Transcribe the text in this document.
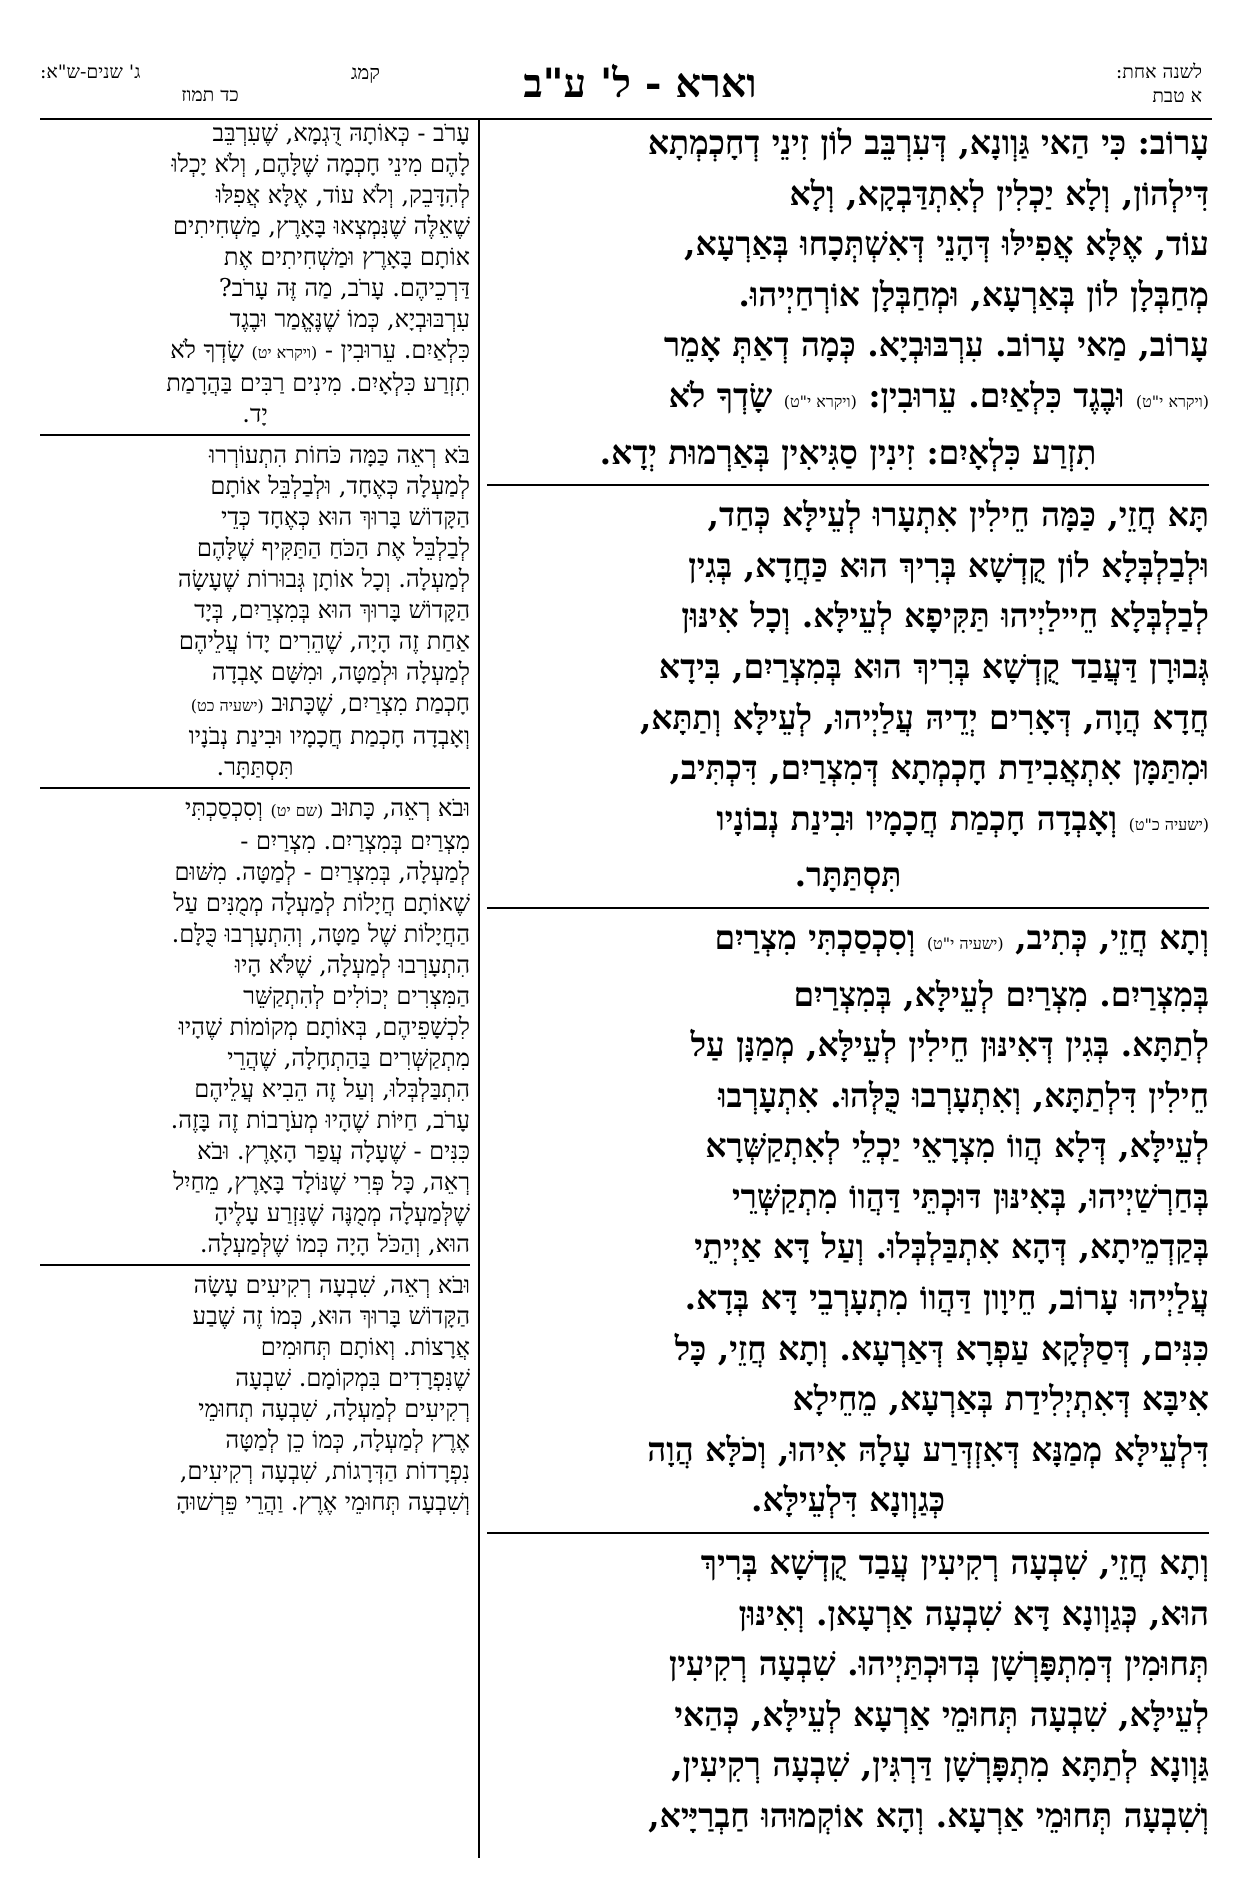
קמג
ג' שנים-ש"א:
כד תמוז	וארא - ל' ע"ב	לשנה אחת:
א טבת

עָרוֹב: כִּי הַאי גַּוְונָא, דְּעִרְבֵּב לוֹן זִינֵי דְחָכְמְתָא

דִּילְהוֹן, וְלָא יַכְלִין לְאִתְדַּבְקָא, וְלָא

עוֹד, אֶלָּא אֲפִילּוּ דְּהָנֵי דְּאִשְׁתְּכָחוּ בְּאַרְעָא,

מְחַבְּלָן לוֹן בְּאַרְעָא, וּמְחַבְּלָן אוֹרְחַיְיהוּ.

עָרוֹב, מַאי עָרוֹב. עִרְבּוּבְיָא. כְּמָה דְאַתְּ אָמֵר

(ויקרא י"ט) וּבֶגֶד כִּלְאַיִם. עֵרוּבִין: (ויקרא י"ט) שָׂדְךָ לֹא

תִזְרַע כִּלְאָיִם: זִינִין סַגִּיאִין בְּאַרְמוּת יְדָא.

תָּא חֲזֵי, כַּמָּה חֵילִין אִתְעָרוּ לְעֵילָּא כְּחַד,

וּלְבַלְבְּלָא לוֹן קֻדְשָׁא בְּרִיךְ הוּא כַּחֲדָא, בְּגִין

לְבַלְבְּלָא חֵיילַיְיהוּ תַּקִּיפָא לְעֵילָּא. וְכָל אִינּוּן

גְּבוּרָן דַּעֲבַד קֻדְשָׁא בְּרִיךְ הוּא בְּמִצְרַיִם, בִּידָא

חֲדָא הֲוָה, דְּאָרִים יְדֵיהּ עֲלַיְיהוּ, לְעֵילָּא וְתַתָּא,

וּמִתַּמָּן אִתְאֲבִידַת חָכְמְתָא דְּמִצְרַיִם, דִּכְתִּיב,

(ישעיה כ"ט) וְאָבְדָה חָכְמַת חֲכָמָיו וּבִינַת נְבוֹנָיו

תִּסְתַּתָּר.

וְתָא חֲזֵי, כְּתִיב, (ישעיה י"ט) וְסִכְסַכְתִּי מִצְרַיִם

בְּמִצְרַיִם. מִצְרַיִם לְעֵילָּא, בְּמִצְרַיִם

לְתַתָּא. בְּגִין דְּאִינּוּן חֵילִין לְעֵילָּא, מְמַנָּן עַל

חֵילִין דִּלְתַתָּא, וְאִתְעָרְבוּ כֻּלְּהוּ. אִתְעָרְבוּ

לְעֵילָּא, דְּלָא הֲווֹ מִצְרָאֵי יַכְלֵי לְאִתְקַשְּׁרָא

בְּחַרְשַׁיְיהוּ, בְּאִינּוּן דּוּכְתֵּי דַּהֲווֹ מִתְקַשְּׁרֵי

בְּקַדְמֵיתָא, דְּהָא אִתְבַּלְבְּלוּ. וְעַל דָּא אַיְיתֵי

עֲלַיְיהוּ עָרוֹב, חֵיוָון דַּהֲווֹ מִתְעָרְבֵי דָּא בְּדָא.

כִּנִּים, דְּסַלְּקָא עַפְרָא דְּאַרְעָא. וְתָא חֲזֵי, כָּל

אִיבָּא דְּאִתְיְלִידַת בְּאַרְעָא, מֵחֵילָא

דִּלְעֵילָּא מְמַנָּא דְּאִזְדְּרַע עָלָהּ אִיהוּ, וְכֹלָּא הֲוָה

כְּגַוְונָא דִּלְעֵילָּא.

וְתָא חֲזֵי, שִׁבְעָה רְקִיעִין עֲבַד קֻדְשָׁא בְּרִיךְ

הוּא, כְּגַוְונָא דָּא שִׁבְעָה אַרְעָאן. וְאִינּוּן

תְּחוּמִין דְּמִתְפָּרְשָׁן בְּדוּכְתַּיְיהוּ. שִׁבְעָה רְקִיעִין

לְעֵילָּא, שִׁבְעָה תְּחוּמֵי אַרְעָא לְעֵילָּא, כְּהַאי

גַּוְונָא לְתַתָּא מִתְפָּרְשָׁן דַּרְגִּין, שִׁבְעָה רְקִיעִין,

וְשִׁבְעָה תְּחוּמֵי אַרְעָא. וְהָא אוֹקְמוּהוּ חַבְרַיָּיא,

עָרֹב - כְּאוֹתָהּ דֻּגְמָא, שֶׁעִרְבֵּב

לָהֶם מִינֵי חָכְמָה שֶׁלָּהֶם, וְלֹא יָכְלוּ

לְהִדָּבֵק, וְלֹא עוֹד, אֶלָּא אֲפִלּוּ

שֶׁאֵלֶּה שֶׁנִּמְצְאוּ בָּאָרֶץ, מַשְׁחִיתִים

אוֹתָם בָּאָרֶץ וּמַשְׁחִיתִים אֶת

דַּרְכֵיהֶם. עָרֹב, מַה זֶּה עָרֹב?

עִרְבּוּבְיָא, כְּמוֹ שֶׁנֶּאֱמַר וּבֶגֶד

כִּלְאַיִם. עֵרוּבִין - (ויקרא יט) שָׂדְךָ לֹא

תִזְרַע כִּלְאָיִם. מִינִים רַבִּים בַּהֲרָמַת

יָד.

בֹּא רְאֵה כַּמָּה כֹּחוֹת הִתְעוֹרְרוּ

לְמַעְלָה כְּאֶחָד, וּלְבַלְבֵּל אוֹתָם

הַקָּדוֹשׁ בָּרוּךְ הוּא כְּאֶחָד כְּדֵי

לְבַלְבֵּל אֶת הַכֹּחַ הַתַּקִּיף שֶׁלָּהֶם

לְמַעְלָה. וְכָל אוֹתָן גְּבוּרוֹת שֶׁעָשָׂה

הַקָּדוֹשׁ בָּרוּךְ הוּא בְּמִצְרַיִם, בְּיָד

אַחַת זֶה הָיָה, שֶׁהֵרִים יָדוֹ עֲלֵיהֶם

לְמַעְלָה וּלְמַטָּה, וּמִשָּׁם אָבְדָה

חָכְמַת מִצְרַיִם, שֶׁכָּתוּב (ישעיה כט)

וְאָבְדָה חָכְמַת חֲכָמָיו וּבִינַת נְבֹנָיו

תִּסְתַּתָּר.

וּבֹא רְאֵה, כָּתוּב (שם יט) וְסִכְסַכְתִּי

מִצְרַיִם בְּמִצְרַיִם. מִצְרַיִם -

לְמַעְלָה, בְּמִצְרַיִם - לְמַטָּה. מִשּׁוּם

שֶׁאוֹתָם חֲיָלוֹת לְמַעְלָה מְמֻנִּים עַל

הַחֲיָלוֹת שֶׁל מַטָּה, וְהִתְעָרְבוּ כֻּלָּם.

הִתְעָרְבוּ לְמַעְלָה, שֶׁלֹּא הָיוּ

הַמִּצְרִים יְכוֹלִים לְהִתְקַשֵּׁר

לִכְשָׁפֵיהֶם, בְּאוֹתָם מְקוֹמוֹת שֶׁהָיוּ

מִתְקַשְּׁרִים בַּהַתְחָלָה, שֶׁהֲרֵי

הִתְבַּלְבְּלוּ, וְעַל זֶה הֵבִיא עֲלֵיהֶם

עָרֹב, חַיּוֹת שֶׁהָיוּ מְעֹרָבוֹת זֶה בָּזֶה.

כִּנִּים - שֶׁעָלָה עֲפַר הָאָרֶץ. וּבֹא

רְאֵה, כָּל פְּרִי שֶׁנּוֹלָד בָּאָרֶץ, מֵחַיִל

שֶׁלְּמַעְלָה מְמֻנֶּה שֶׁנִּזְרַע עָלֶיהָ

הוּא, וְהַכֹּל הָיָה כְּמוֹ שֶׁלְּמַעְלָה.

וּבֹא רְאֵה, שִׁבְעָה רְקִיעִים עָשָׂה

הַקָּדוֹשׁ בָּרוּךְ הוּא, כְּמוֹ זֶה שֶׁבַע

אֲרָצוֹת. וְאוֹתָם תְּחוּמִים

שֶׁנִּפְרָדִים בִּמְקוֹמָם. שִׁבְעָה

רְקִיעִים לְמַעְלָה, שִׁבְעָה תְחוּמֵי

אֶרֶץ לְמַעְלָה, כְּמוֹ כֵן לְמַטָּה

נִפְרָדוֹת הַדְּרָגוֹת, שִׁבְעָה רְקִיעִים,

וְשִׁבְעָה תְּחוּמֵי אֶרֶץ. וַהֲרֵי פֵּרְשׁוּהָ
